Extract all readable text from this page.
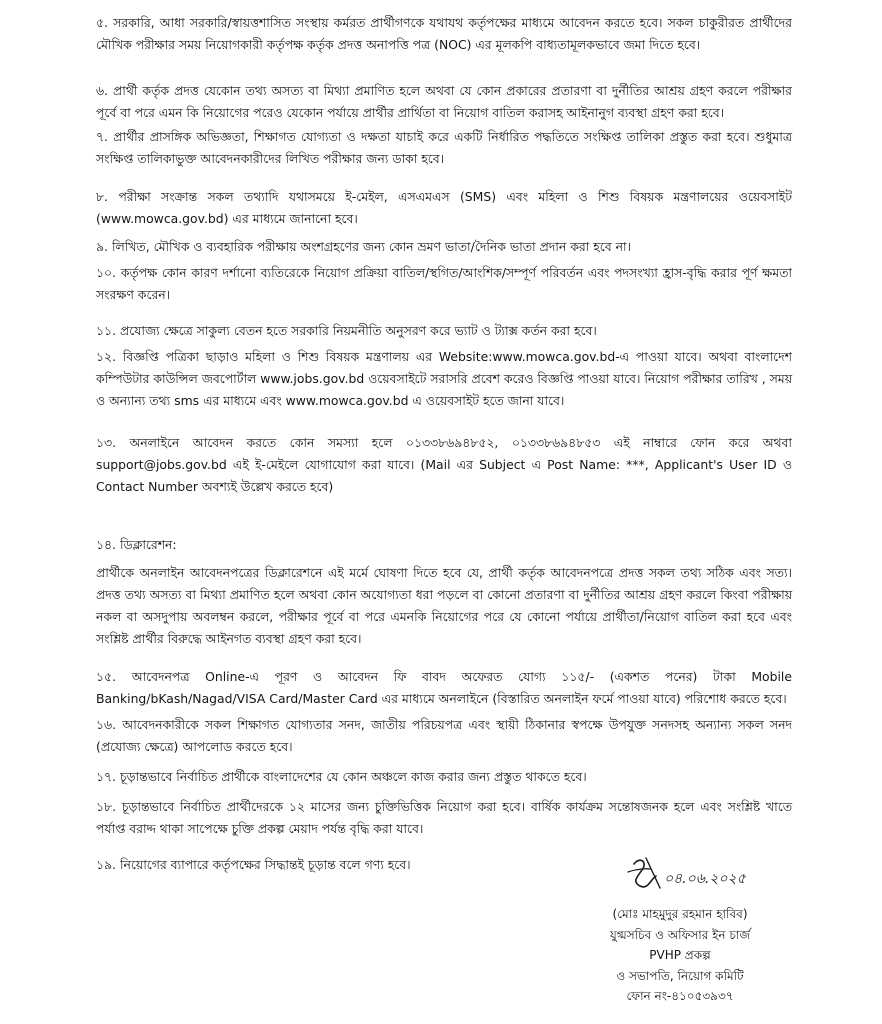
৫. সরকারি, আধা সরকারি/স্বায়ত্তশাসিত সংস্থায় কর্মরত প্রার্থীগণকে যথাযথ কর্তৃপক্ষের মাধ্যমে আবেদন করতে হবে। সকল চাকুরীরত প্রার্থীদের মৌখিক পরীক্ষার সময় নিয়োগকারী কর্তৃপক্ষ কর্তৃক প্রদত্ত অনাপত্তি পত্র (NOC) এর মূলকপি বাধ্যতামূলকভাবে জমা দিতে হবে।
৬. প্রার্থী কর্তৃক প্রদত্ত যেকোন তথ্য অসত্য বা মিথ্যা প্রমাণিত হলে অথবা যে কোন প্রকারের প্রতারণা বা দুর্নীতির আশ্রয় গ্রহণ করলে পরীক্ষার পূর্বে বা পরে এমন কি নিয়োগের পরেও যেকোন পর্যায়ে প্রার্থীর প্রার্থিতা বা নিয়োগ বাতিল করাসহ আইনানুগ ব্যবস্থা গ্রহণ করা হবে।
৭. প্রার্থীর প্রাসঙ্গিক অভিজ্ঞতা, শিক্ষাগত যোগ্যতা ও দক্ষতা যাচাই করে একটি নির্ধারিত পদ্ধতিতে সংক্ষিপ্ত তালিকা প্রস্তুত করা হবে। শুধুমাত্র সংক্ষিপ্ত তালিকাভুক্ত আবেদনকারীদের লিখিত পরীক্ষার জন্য ডাকা হবে।
৮. পরীক্ষা সংক্রান্ত সকল তথ্যাদি যথাসময়ে ই-মেইল, এসএমএস (SMS) এবং মহিলা ও শিশু বিষয়ক মন্ত্রণালয়ের ওয়েবসাইট (www.mowca.gov.bd) এর মাধ্যমে জানানো হবে।
৯. লিখিত, মৌখিক ও ব্যবহারিক পরীক্ষায় অংশগ্রহণের জন্য কোন ভ্রমণ ভাতা/দৈনিক ভাতা প্রদান করা হবে না।
১০. কর্তৃপক্ষ কোন কারণ দর্শানো ব্যতিরেকে নিয়োগ প্রক্রিয়া বাতিল/স্থগিত/আংশিক/সম্পূর্ণ পরিবর্তন এবং পদসংখ্যা হ্রাস-বৃদ্ধি করার পূর্ণ ক্ষমতা সংরক্ষণ করেন।
১১. প্রযোজ্য ক্ষেত্রে সাকুল্য বেতন হতে সরকারি নিয়মনীতি অনুসরণ করে ভ্যাট ও ট্যাক্স কর্তন করা হবে।
১২. বিজ্ঞপ্তি পত্রিকা ছাড়াও মহিলা ও শিশু বিষয়ক মন্ত্রণালয় এর Website:www.mowca.gov.bd-এ পাওয়া যাবে। অথবা বাংলাদেশ কম্পিউটার কাউন্সিল জবপোর্টাল www.jobs.gov.bd ওয়েবসাইটে সরাসরি প্রবেশ করেও বিজ্ঞপ্তি পাওয়া যাবে। নিয়োগ পরীক্ষার তারিখ , সময় ও অন্যান্য তথ্য sms এর মাধ্যমে এবং www.mowca.gov.bd এ ওয়েবসাইট হতে জানা যাবে।
১৩. অনলাইনে আবেদন করতে কোন সমস্যা হলে ০১৩৩৮৬৯৪৮৫২, ০১৩৩৮৬৯৪৮৫৩ এই নাম্বারে ফোন করে অথবা support@jobs.gov.bd এই ই-মেইলে যোগাযোগ করা যাবে। (Mail এর Subject এ Post Name: ***, Applicant's User ID ও Contact Number অবশ্যই উল্লেখ করতে হবে)
১৪. ডিক্লারেশন:
প্রার্থীকে অনলাইন আবেদনপত্রের ডিক্লারেশনে এই মর্মে ঘোষণা দিতে হবে যে, প্রার্থী কর্তৃক আবেদনপত্রে প্রদত্ত সকল তথ্য সঠিক এবং সত্য। প্রদত্ত তথ্য অসত্য বা মিথ্যা প্রমাণিত হলে অথবা কোন অযোগ্যতা ধরা পড়লে বা কোনো প্রতারণা বা দুর্নীতির আশ্রয় গ্রহণ করলে কিংবা পরীক্ষায় নকল বা অসদুপায় অবলম্বন করলে, পরীক্ষার পূর্বে বা পরে এমনকি নিয়োগের পরে যে কোনো পর্যায়ে প্রার্থীতা/নিয়োগ বাতিল করা হবে এবং সংশ্লিষ্ট প্রার্থীর বিরুদ্ধে আইনগত ব্যবস্থা গ্রহণ করা হবে।
১৫. আবেদনপত্র Online-এ পূরণ ও আবেদন ফি বাবদ অফেরত যোগ্য ১১৫/- (একশত পনের) টাকা Mobile Banking/bKash/Nagad/VISA Card/Master Card এর মাধ্যমে অনলাইনে (বিস্তারিত অনলাইন ফর্মে পাওয়া যাবে) পরিশোধ করতে হবে।
১৬. আবেদনকারীকে সকল শিক্ষাগত যোগ্যতার সনদ, জাতীয় পরিচয়পত্র এবং স্থায়ী ঠিকানার স্বপক্ষে উপযুক্ত সনদসহ অন্যান্য সকল সনদ (প্রযোজ্য ক্ষেত্রে) আপলোড করতে হবে।
১৭. চূড়ান্তভাবে নির্বাচিত প্রার্থীকে বাংলাদেশের যে কোন অঞ্চলে কাজ করার জন্য প্রস্তুত থাকতে হবে।
১৮. চূড়ান্তভাবে নির্বাচিত প্রার্থীদেরকে ১২ মাসের জন্য চুক্তিভিত্তিক নিয়োগ করা হবে। বার্ষিক কার্যক্রম সন্তোষজনক হলে এবং সংশ্লিষ্ট খাতে পর্যাপ্ত বরাদ্দ থাকা সাপেক্ষে চুক্তি প্রকল্প মেয়াদ পর্যন্ত বৃদ্ধি করা যাবে।
১৯. নিয়োগের ব্যাপারে কর্তৃপক্ষের সিদ্ধান্তই চূড়ান্ত বলে গণ্য হবে।
০৪.০৬.২০২৫
(মোঃ মাহমুদুর রহমান হাবিব)
যুগ্মসচিব ও অফিসার ইন চার্জ
PVHP প্রকল্প
ও সভাপতি, নিয়োগ কমিটি
ফোন নং-৪১০৫৩৯৩৭
